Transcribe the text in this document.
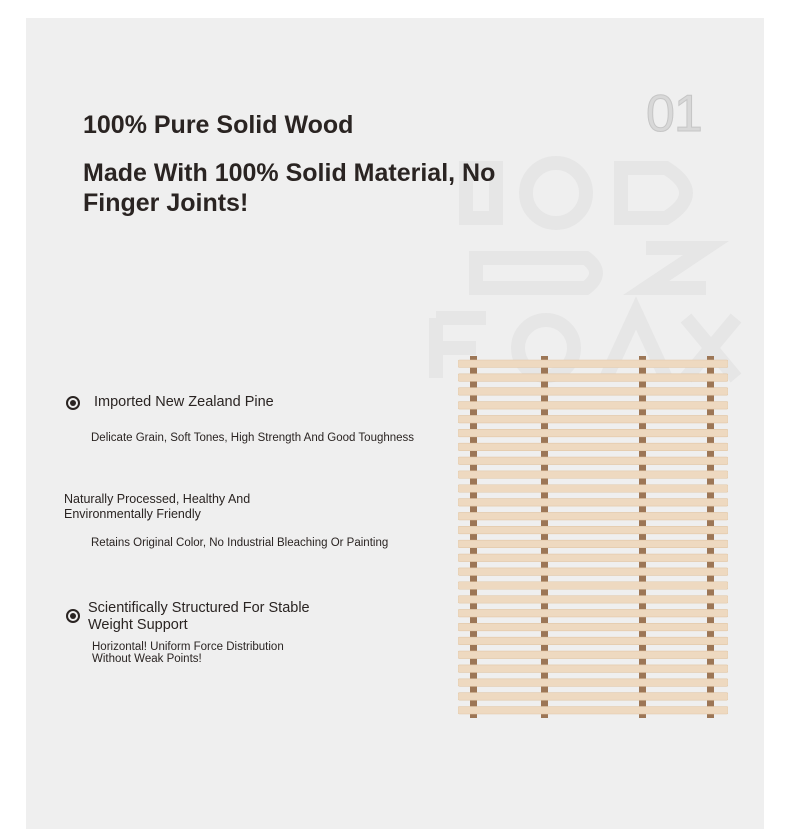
01
100% Pure Solid Wood
Made With 100% Solid Material, No Finger Joints!
Imported New Zealand Pine

Delicate Grain, Soft Tones, High Strength And Good Toughness

Naturally Processed, Healthy And Environmentally Friendly

Retains Original Color, No Industrial Bleaching Or Painting

Scientifically Structured For Stable Weight Support

Horizontal! Uniform Force Distribution Without Weak Points!
